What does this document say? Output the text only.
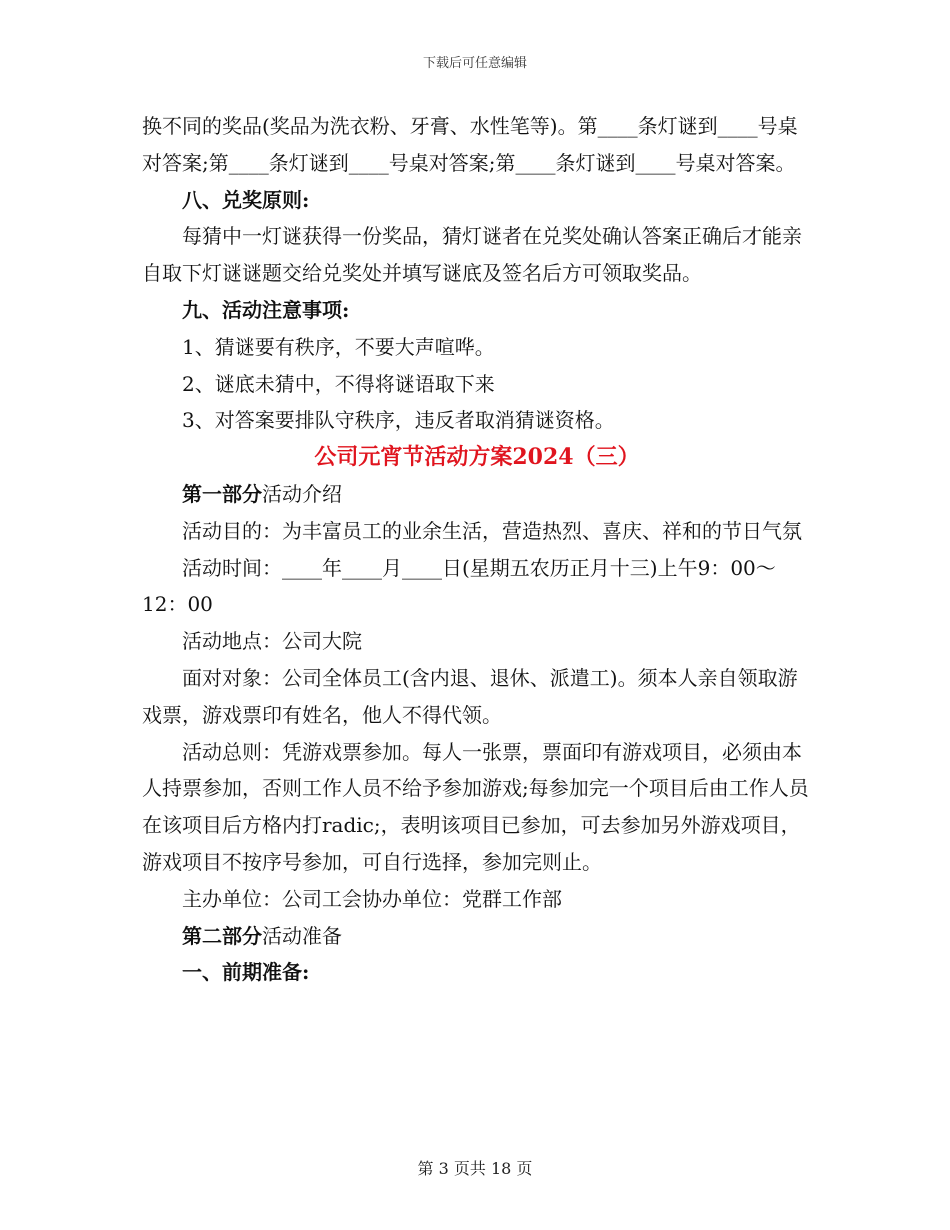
下载后可任意编辑

换不同的奖品(奖品为洗衣粉、牙膏、水性笔等)。第____条灯谜到____号桌对答案;第____条灯谜到____号桌对答案;第____条灯谜到____号桌对答案。

八、兑奖原则:

每猜中一灯谜获得一份奖品，猜灯谜者在兑奖处确认答案正确后才能亲自取下灯谜谜题交给兑奖处并填写谜底及签名后方可领取奖品。

九、活动注意事项:

1、猜谜要有秩序，不要大声喧哗。

2、谜底未猜中，不得将谜语取下来

3、对答案要排队守秩序，违反者取消猜谜资格。

公司元宵节活动方案2024（三）

第一部分活动介绍

活动目的：为丰富员工的业余生活，营造热烈、喜庆、祥和的节日气氛

活动时间：____年____月____日(星期五农历正月十三)上午9：00～12：00

活动地点：公司大院

面对对象：公司全体员工(含内退、退休、派遣工)。须本人亲自领取游戏票，游戏票印有姓名，他人不得代领。

活动总则：凭游戏票参加。每人一张票，票面印有游戏项目，必须由本人持票参加，否则工作人员不给予参加游戏;每参加完一个项目后由工作人员在该项目后方格内打radic;，表明该项目已参加，可去参加另外游戏项目，游戏项目不按序号参加，可自行选择，参加完则止。

主办单位：公司工会协办单位：党群工作部

第二部分活动准备

一、前期准备:

第 3 页共 18 页
